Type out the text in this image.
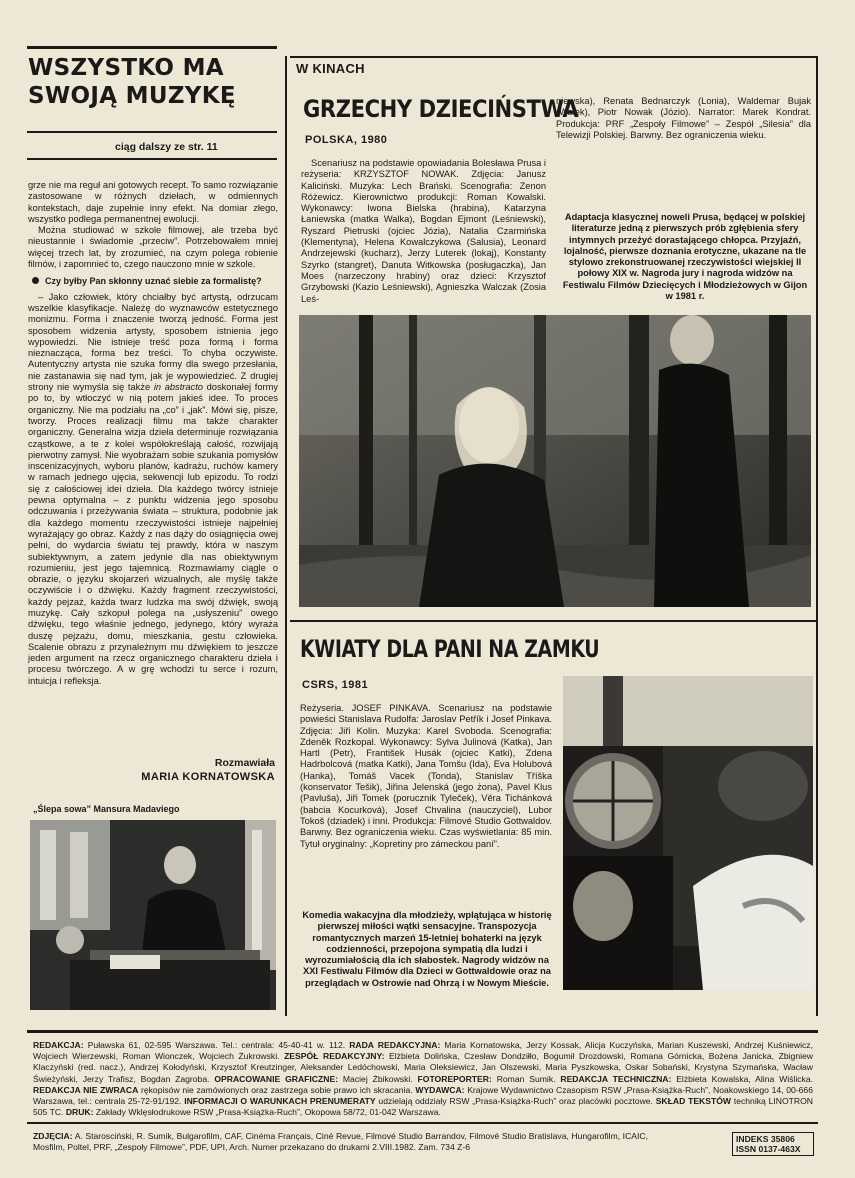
WSZYSTKO MA
SWOJĄ MUZYKĘ
ciąg dalszy ze str. 11

grze nie ma reguł ani gotowych recept. To samo rozwiązanie zastosowane w różnych dziełach, w odmiennych kontekstach, daje zupełnie inny efekt. Na domiar złego, wszystko podlega permanentnej ewolucji.

Można studiować w szkole filmowej, ale trzeba być nieustannie i świadomie „przeciw”. Potrzebowałem mniej więcej trzech lat, by zrozumieć, na czym polega robienie filmów, i zapomnieć to, czego nauczono mnie w szkole.

Czy byłby Pan skłonny uznać siebie za formalistę?

– Jako człowiek, który chciałby być artystą, odrzucam wszelkie klasyfikacje. Należę do wyznawców estetycznego monizmu. Forma i znaczenie tworzą jedność. Forma jest sposobem widzenia artysty, sposobem istnienia jego wypowiedzi. Nie istnieje treść poza formą i forma nieznacząca, forma bez treści. To chyba oczywiste. Autentyczny artysta nie szuka formy dla swego przesłania, nie zastanawia się nad tym, jak je wypowiedzieć. Z drugiej strony nie wymyśla się także in abstracto doskonałej formy po to, by wtłoczyć w nią potem jakieś idee. To proces organiczny. Nie ma podziału na „co” i „jak”. Mówi się, pisze, tworzy. Proces realizacji filmu ma także charakter organiczny. Generalna wizja dzieła determinuje rozwiązania cząstkowe, a te z kolei współokreślają całość, rozwijają pierwotny zamysł. Nie wyobrażam sobie szukania pomysłów inscenizacyjnych, wyboru planów, kadrażu, ruchów kamery w ramach jednego ujęcia, sekwencji lub epizodu. To rodzi się z całościowej idei dzieła. Dla każdego twórcy istnieje pewna optymalna – z punktu widzenia jego sposobu odczuwania i przeżywania świata – struktura, podobnie jak dla każdego momentu rzeczywistości istnieje najpełniej wyrażający go obraz. Każdy z nas dąży do osiągnięcia owej pełni, do wydarcia światu tej prawdy, która w naszym subiektywnym, a zatem jedynie dla nas obiektywnym rozumieniu, jest jego tajemnicą. Rozmawiamy ciągle o obrazie, o języku skojarzeń wizualnych, ale myślę także oczywiście i o dźwięku. Każdy fragment rzeczywistości, każdy pejzaż, każda twarz ludzka ma swój dźwięk, swoją muzykę. Cały szkopuł polega na „usłyszeniu” owego dźwięku, tego właśnie jednego, jedynego, który wyraża duszę pejzażu, domu, mieszkania, gestu człowieka. Scalenie obrazu z przynależnym mu dźwiękiem to jeszcze jeden argument na rzecz organicznego charakteru dzieła i procesu twórczego. A w grę wchodzi tu serce i rozum, intuicja i refleksja.

Rozmawiała
MARIA KORNATOWSKA
„Ślepa sowa” Mansura Madaviego
W KINACH
GRZECHY DZIECIŃSTWA
POLSKA, 1980
Scenariusz na podstawie opowiadania Bolesława Prusa i reżyseria: KRZYSZTOF NOWAK. Zdjęcia: Janusz Kaliciński. Muzyka: Lech Brański. Scenografia: Zenon Różewicz. Kierownictwo produkcji: Roman Kowalski. Wykonawcy: Iwona Bielska (hrabina), Katarzyna Łaniewska (matka Walka), Bogdan Ejmont (Leśniewski), Ryszard Pietruski (ojciec Józia), Natalia Czarmińska (Klementyna), Helena Kowalczykowa (Salusia), Leonard Andrzejewski (kucharz), Jerzy Luterek (lokaj), Konstanty Szyrko (stangret), Danuta Witkowska (posługaczka), Jan Moes (narzeczony hrabiny) oraz dzieci: Krzysztof Grzybowski (Kazio Leśniewski), Agnieszka Walczak (Zosia Leś-
niewska), Renata Bednarczyk (Lonia), Waldemar Bujak (Walek), Piotr Nowak (Józio). Narrator: Marek Kondrat. Produkcja: PRF „Zespoły Filmowe” – Zespół „Silesia” dla Telewizji Polskiej. Barwny. Bez ograniczenia wieku.
Adaptacja klasycznej noweli Prusa, będącej w polskiej literaturze jedną z pierwszych prób zgłębienia sfery intymnych przeżyć dorastającego chłopca. Przyjaźń, lojalność, pierwsze doznania erotyczne, ukazane na tle stylowo zrekonstruowanej rzeczywistości wiejskiej II połowy XIX w. Nagroda jury i nagroda widzów na Festiwalu Filmów Dziecięcych i Młodzieżowych w Gijon w 1981 r.
KWIATY DLA PANI NA ZAMKU
CSRS, 1981
Reżyseria. JOSEF PINKAVA. Scenariusz na podstawie powieści Stanislava Rudolfa: Jaroslav Petřík i Josef Pinkava. Zdjęcia: Jiři Kolin. Muzyka: Karel Svoboda. Scenografia: Zdeněk Rozkopal. Wykonawcy: Sylva Julinová (Katka), Jan Hartl (Petr), František Husák (ojciec Katki), Zdena Hadrbolcová (matka Katki), Jana Tomšu (Ida), Eva Holubová (Hanka), Tomáš Vacek (Tonda), Stanislav Tříška (konservator Tešik), Jiřina Jelenská (jego żona), Pavel Klus (Pavluša), Jiři Tomek (porucznik Tyleček), Věra Tichánková (babcia Kocurková), Josef Chvalina (nauczyciel), Lubor Tokoš (dziadek) i inni. Produkcja: Filmové Studio Gottwaldov. Barwny. Bez ograniczenia wieku. Czas wyświetlania: 85 min. Tytuł oryginalny: „Kopretiny pro zámeckou paní”.
Komedia wakacyjna dla młodzieży, wplątująca w historię pierwszej miłości wątki sensacyjne. Transpozycja romantycznych marzeń 15-letniej bohaterki na język codzienności, przepojona sympatią dla ludzi i wyrozumiałością dla ich słabostek. Nagrody widzów na XXI Festiwalu Filmów dla Dzieci w Gottwaldowie oraz na przeglądach w Ostrowie nad Ohrzą i w Nowym Mieście.
REDAKCJA: Puławska 61, 02-595 Warszawa. Tel.: centrala: 45-40-41 w. 112. RADA REDAKCYJNA: Maria Kornatowska, Jerzy Kossak, Alicja Kuczyńska, Marian Kuszewski, Andrzej Kuśniewicz, Wojciech Wierzewski, Roman Wionczek, Wojciech Żukrowski. ZESPÓŁ REDAKCYJNY: Elżbieta Dolińska, Czesław Dondziłło, Bogumił Drozdowski, Romana Górnicka, Bożena Janicka, Zbigniew Klaczyński (red. nacz.), Andrzej Kołodyński, Krzysztof Kreutzinger, Aleksander Ledóchowski, Maria Oleksiewicz, Jan Olszewski, Maria Pyszkowska, Oskar Sobański, Krystyna Szymańska, Wacław Świeżyński, Jerzy Trafisz, Bogdan Zagroba. OPRACOWANIE GRAFICZNE: Maciej Żbikowski. FOTOREPORTER: Roman Sumik. REDAKCJA TECHNICZNA: Elżbieta Kowalska, Alina Wiślicka. REDAKCJA NIE ZWRACA rękopisów nie zamówionych oraz zastrzega sobie prawo ich skracania. WYDAWCA: Krajowe Wydawnictwo Czasopism RSW „Prasa-Książka-Ruch”, Noakowskiego 14, 00-666 Warszawa, tel.: centrala 25-72-91/192. INFORMACJI O WARUNKACH PRENUMERATY udzielają oddziały RSW „Prasa-Książka-Ruch” oraz placówki pocztowe. SKŁAD TEKSTÓW techniką LINOTRON 505 TC. DRUK: Zakłady Wklęsłodrukowe RSW „Prasa-Książka-Ruch”, Okopowa 58/72, 01-042 Warszawa.
ZDJĘCIA: A. Starosciński, R. Sumik, Bulgarofilm, CAF, Cinéma Français, Ciné Revue, Filmové Studio Barrandov, Filmové Studio Bratislava, Hungarofilm, ICAIC, Mosfilm, Poltel, PRF, „Zespoły Filmowe”, PDF, UPI, Arch. Numer przekazano do drukarni 2.VIII.1982. Zam. 734 Z-6
INDEKS 35806
ISSN 0137-463X
